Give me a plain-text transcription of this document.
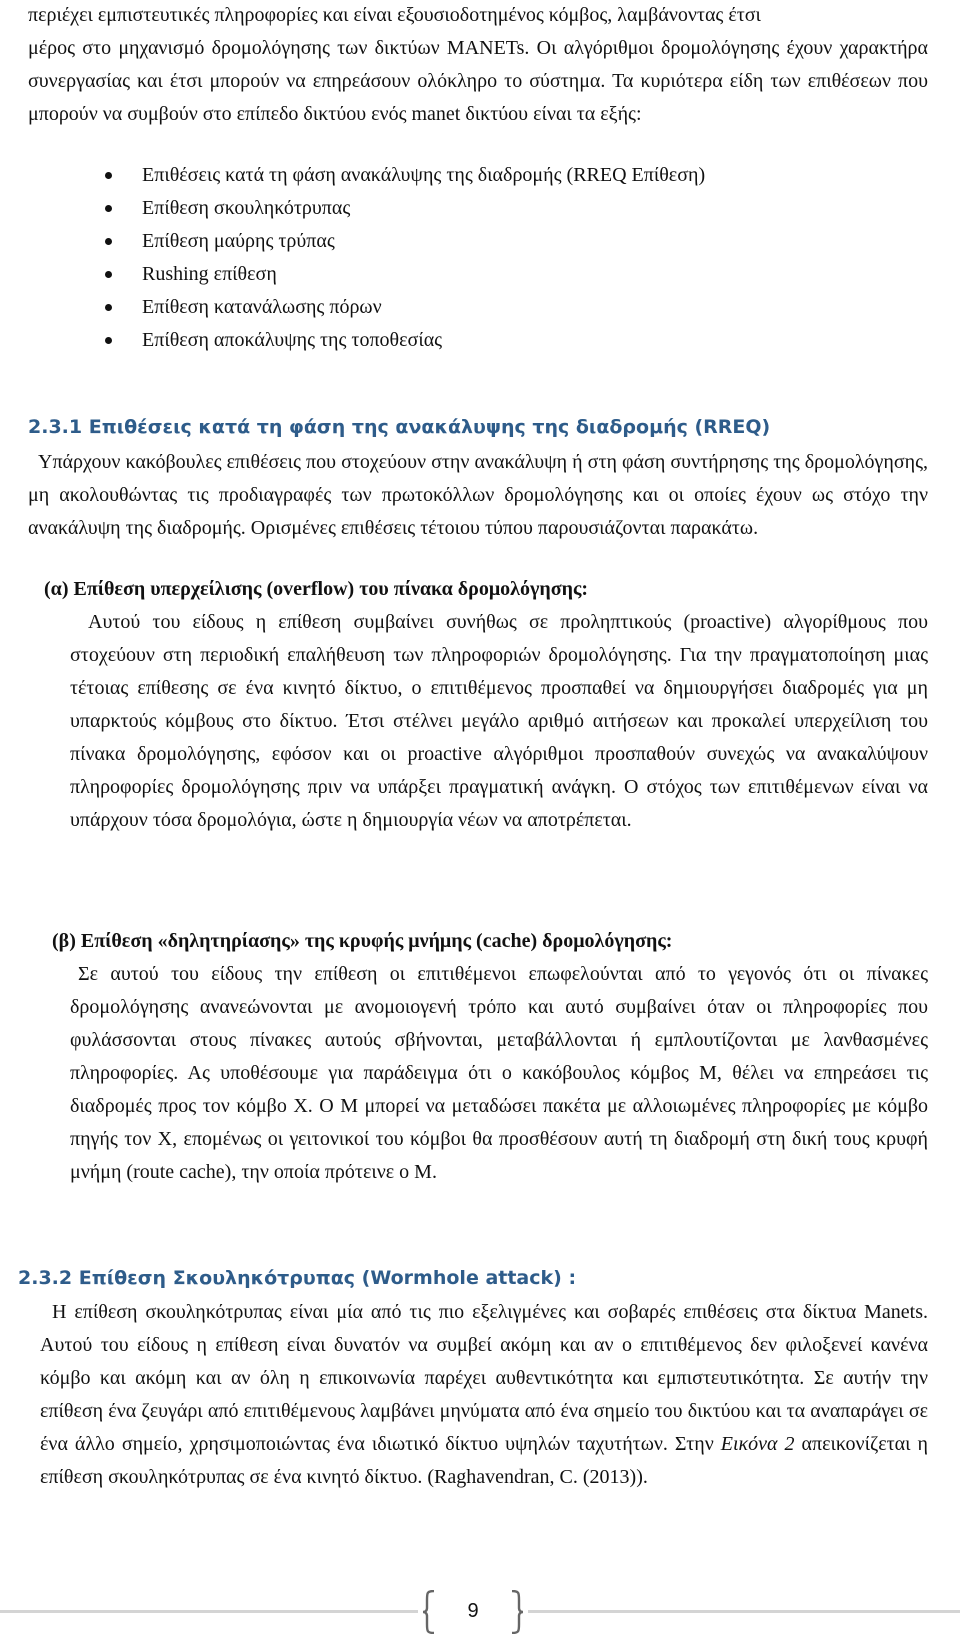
περιέχει εμπιστευτικές πληροφορίες και είναι εξουσιοδοτημένος κόμβος, λαμβάνοντας έτσι
μέρος στο μηχανισμό δρομολόγησης των δικτύων MANETs. Οι αλγόριθμοι δρομολόγησης έχουν χαρακτήρα συνεργασίας και έτσι μπορούν να επηρεάσουν ολόκληρο το σύστημα. Τα κυριότερα είδη των επιθέσεων που μπορούν να συμβούν στο επίπεδο δικτύου ενός manet δικτύου είναι τα εξής:
Επιθέσεις κατά τη φάση ανακάλυψης της διαδρομής (RREQ Επίθεση)
Επίθεση σκουληκότρυπας
Επίθεση μαύρης τρύπας
Rushing επίθεση
Επίθεση κατανάλωσης πόρων
Επίθεση αποκάλυψης της τοποθεσίας
2.3.1 Επιθέσεις κατά τη φάση της ανακάλυψης της διαδρομής (RREQ)
Υπάρχουν κακόβουλες επιθέσεις που στοχεύουν στην ανακάλυψη ή στη φάση συντήρησης της δρομολόγησης, μη ακολουθώντας τις προδιαγραφές των πρωτοκόλλων δρομολόγησης και οι οποίες έχουν ως στόχο την ανακάλυψη της διαδρομής. Ορισμένες επιθέσεις τέτοιου τύπου παρουσιάζονται παρακάτω.
(α) Επίθεση υπερχείλισης (overflow) του πίνακα δρομολόγησης:
Αυτού του είδους η επίθεση συμβαίνει συνήθως σε προληπτικούς (proactive) αλγορίθμους που στοχεύουν στη περιοδική επαλήθευση των πληροφοριών δρομολόγησης. Για την πραγματοποίηση μιας τέτοιας επίθεσης σε ένα κινητό δίκτυο, ο επιτιθέμενος προσπαθεί να δημιουργήσει διαδρομές για μη υπαρκτούς κόμβους στο δίκτυο. Έτσι στέλνει μεγάλο αριθμό αιτήσεων και προκαλεί υπερχείλιση του πίνακα δρομολόγησης, εφόσον και οι proactive αλγόριθμοι προσπαθούν συνεχώς να ανακαλύψουν πληροφορίες δρομολόγησης πριν να υπάρξει πραγματική ανάγκη. Ο στόχος των επιτιθέμενων είναι να υπάρχουν τόσα δρομολόγια, ώστε η δημιουργία νέων να αποτρέπεται.
(β) Επίθεση «δηλητηρίασης» της κρυφής μνήμης (cache) δρομολόγησης:
Σε αυτού του είδους την επίθεση οι επιτιθέμενοι επωφελούνται από το γεγονός ότι οι πίνακες δρομολόγησης ανανεώνονται με ανομοιογενή τρόπο και αυτό συμβαίνει όταν οι πληροφορίες που φυλάσσονται στους πίνακες αυτούς σβήνονται, μεταβάλλονται ή εμπλουτίζονται με λανθασμένες πληροφορίες. Ας υποθέσουμε για παράδειγμα ότι ο κακόβουλος κόμβος Μ, θέλει να επηρεάσει τις διαδρομές προς τον κόμβο Χ. Ο Μ μπορεί να μεταδώσει πακέτα με αλλοιωμένες πληροφορίες με κόμβο πηγής τον Χ, επομένως οι γειτονικοί του κόμβοι θα προσθέσουν αυτή τη διαδρομή στη δική τους κρυφή μνήμη (route cache), την οποία πρότεινε ο Μ.
2.3.2 Επίθεση Σκουληκότρυπας (Wormhole attack) :
Η επίθεση σκουληκότρυπας είναι μία από τις πιο εξελιγμένες και σοβαρές επιθέσεις στα δίκτυα Manets. Αυτού του είδους η επίθεση είναι δυνατόν να συμβεί ακόμη και αν ο επιτιθέμενος δεν φιλοξενεί κανένα κόμβο και ακόμη και αν όλη η επικοινωνία παρέχει αυθεντικότητα και εμπιστευτικότητα. Σε αυτήν την επίθεση ένα ζευγάρι από επιτιθέμενους λαμβάνει μηνύματα από ένα σημείο του δικτύου και τα αναπαράγει σε ένα άλλο σημείο, χρησιμοποιώντας ένα ιδιωτικό δίκτυο υψηλών ταχυτήτων. Στην Εικόνα 2 απεικονίζεται η επίθεση σκουληκότρυπας σε ένα κινητό δίκτυο. (Raghavendran, C. (2013)).
9
